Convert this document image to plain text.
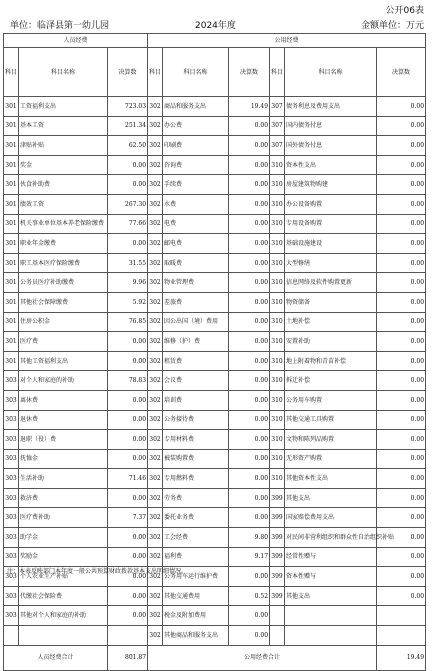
公开06表
单位：临泽县第一幼儿园	2024年度	金额单位：万元
人员经费			公用经费					
科目	科目名称	决算数	科目	科目名称	决算数	科目	科目名称	决算数
301	工资福利支出	723.03	302	商品和服务支出	19.49	307	债务利息及费用支出	0.00
301	基本工资	251.34	302	办公费	0.00	307	国内债务付息	0.00
301	津贴补贴	62.50	302	印刷费	0.00	307	国外债务付息	0.00
301	奖金	0.00	302	咨询费	0.00	310	资本性支出	0.00
301	伙食补助费	0.00	302	手续费	0.00	310	房屋建筑物购建	0.00
301	绩效工资	267.30	302	水费	0.00	310	办公设备购置	0.00
301	机关事业单位基本养老保险缴费	77.66	302	电费	0.00	310	专用设备购置	0.00
301	职业年金缴费	0.00	302	邮电费	0.00	310	基础设施建设	0.00
301	职工基本医疗保险缴费	31.55	302	取暖费	0.00	310	大型修缮	0.00
301	公务员医疗补助缴费	9.96	302	物业管理费	0.00	310	信息网络及软件购置更新	0.00
301	其他社会保障缴费	5.92	302	差旅费	0.00	310	物资储备	0.00
301	住房公积金	76.85	302	因公出国（境）费用	0.00	310	土地补偿	0.00
301	医疗费	0.00	302	维修（护）费	0.00	310	安置补助	0.00
301	其他工资福利支出	0.00	302	租赁费	0.00	310	地上附着物和青苗补偿	0.00
303	对个人和家庭的补助	78.83	302	会议费	0.00	310	拆迁补偿	0.00
303	离休费	0.00	302	培训费	0.00	310	公务用车购置	0.00
303	退休费	0.00	302	公务接待费	0.00	310	其他交通工具购置	0.00
303	退职（役）费	0.00	302	专用材料费	0.00	310	文物和陈列品购置	0.00
303	抚恤金	0.00	302	被装购置费	0.00	310	无形资产购置	0.00
303	生活补助	71.46	302	专用燃料费	0.00	310	其他资本性支出	0.00
303	救济费	0.00	302	劳务费	0.00	399	其他支出	0.00
303	医疗费补助	7.37	302	委托业务费	0.00	399	国家赔偿费用支出	0.00
303	助学金	0.00	302	工会经费	9.80	399	对民间非营利组织和群众性自治组织补贴	0.00
303	奖励金	0.00	302	福利费	9.17	399	经常性赠与	0.00
303	个人农业生产补贴	0.00	302	公务用车运行维护费	0.00	399	资本性赠与	0.00
303	代缴社会保险费	0.00	302	其他交通费用	0.52	399	其他支出	0.00
303	其他对个人和家庭的补助	0.00	302	税金及附加费用	0.00			
			302	其他商品和服务支出	0.00			
人员经费合计		801.87	公用经费合计					19.49
注：本表反映部门本年度一般公共预算财政拨款基本支出明细情况。
